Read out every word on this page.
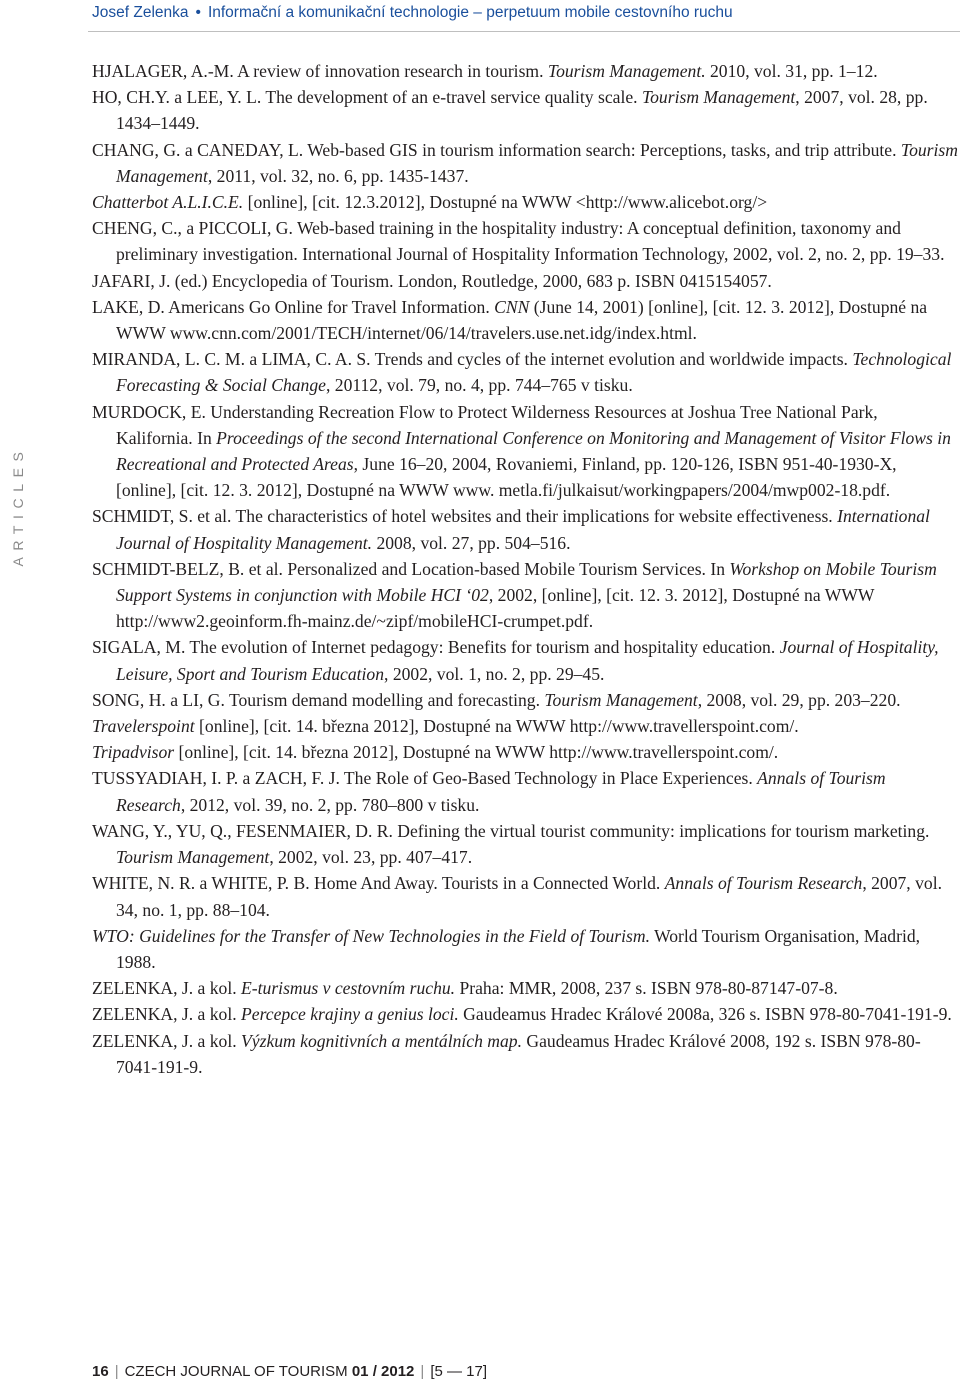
Josef Zelenka • Informační a komunikační technologie – perpetuum mobile cestovního ruchu
ARTICLES

HJALAGER, A.-M. A review of innovation research in tourism. Tourism Management. 2010, vol. 31, pp. 1–12.

HO, CH.Y. a LEE, Y. L. The development of an e-travel service quality scale. Tourism Management, 2007, vol. 28, pp. 1434–1449.

CHANG, G. a CANEDAY, L. Web-based GIS in tourism information search: Perceptions, tasks, and trip attribute. Tourism Management, 2011, vol. 32, no. 6, pp. 1435-1437.

Chatterbot A.L.I.C.E. [online], [cit. 12.3.2012], Dostupné na WWW <http://www.alicebot.org/>

CHENG, C., a PICCOLI, G. Web-based training in the hospitality industry: A conceptual definition, taxonomy and preliminary investigation. International Journal of Hospitality Information Technology, 2002, vol. 2, no. 2, pp. 19–33.

JAFARI, J. (ed.) Encyclopedia of Tourism. London, Routledge, 2000, 683 p. ISBN 0415154057.

LAKE, D. Americans Go Online for Travel Information. CNN (June 14, 2001) [online], [cit. 12. 3. 2012], Dostupné na WWW www.cnn.com/2001/TECH/internet/06/14/travelers.use.net.idg/index.html.

MIRANDA, L. C. M. a LIMA, C. A. S. Trends and cycles of the internet evolution and worldwide impacts. Technological Forecasting & Social Change, 20112, vol. 79, no. 4, pp. 744–765 v tisku.

MURDOCK, E. Understanding Recreation Flow to Protect Wilderness Resources at Joshua Tree National Park, Kalifornia. In Proceedings of the second International Conference on Monitoring and Management of Visitor Flows in Recreational and Protected Areas, June 16–20, 2004, Rovaniemi, Finland, pp. 120-126, ISBN 951-40-1930-X, [online], [cit. 12. 3. 2012], Dostupné na WWW www. metla.fi/julkaisut/workingpapers/2004/mwp002-18.pdf.

SCHMIDT, S. et al. The characteristics of hotel websites and their implications for website effectiveness. International Journal of Hospitality Management. 2008, vol. 27, pp. 504–516.

SCHMIDT-BELZ, B. et al. Personalized and Location-based Mobile Tourism Services. In Workshop on Mobile Tourism Support Systems in conjunction with Mobile HCI ‘02, 2002, [online], [cit. 12. 3. 2012], Dostupné na WWW http://www2.geoinform.fh-mainz.de/~zipf/mobileHCI-crumpet.pdf.

SIGALA, M. The evolution of Internet pedagogy: Benefits for tourism and hospitality education. Journal of Hospitality, Leisure, Sport and Tourism Education, 2002, vol. 1, no. 2, pp. 29–45.

SONG, H. a LI, G. Tourism demand modelling and forecasting. Tourism Management, 2008, vol. 29, pp. 203–220.

Travelerspoint [online], [cit. 14. března 2012], Dostupné na WWW http://www.travellerspoint.com/.

Tripadvisor [online], [cit. 14. března 2012], Dostupné na WWW http://www.travellerspoint.com/.

TUSSYADIAH, I. P. a ZACH, F. J. The Role of Geo-Based Technology in Place Experiences. Annals of Tourism Research, 2012, vol. 39, no. 2, pp. 780–800 v tisku.

WANG, Y., YU, Q., FESENMAIER, D. R. Defining the virtual tourist community: implications for tourism marketing. Tourism Management, 2002, vol. 23, pp. 407–417.

WHITE, N. R. a WHITE, P. B. Home And Away. Tourists in a Connected World. Annals of Tourism Research, 2007, vol. 34, no. 1, pp. 88–104.

WTO: Guidelines for the Transfer of New Technologies in the Field of Tourism. World Tourism Organisation, Madrid, 1988.

ZELENKA, J. a kol. E-turismus v cestovním ruchu. Praha: MMR, 2008, 237 s. ISBN 978-80-87147-07-8.

ZELENKA, J. a kol. Percepce krajiny a genius loci. Gaudeamus Hradec Králové 2008a, 326 s. ISBN 978-80-7041-191-9.

ZELENKA, J. a kol. Výzkum kognitivních a mentálních map. Gaudeamus Hradec Králové 2008, 192 s. ISBN 978-80-7041-191-9.

16 | CZECH JOURNAL OF TOURISM 01 / 2012 | [5 — 17]
